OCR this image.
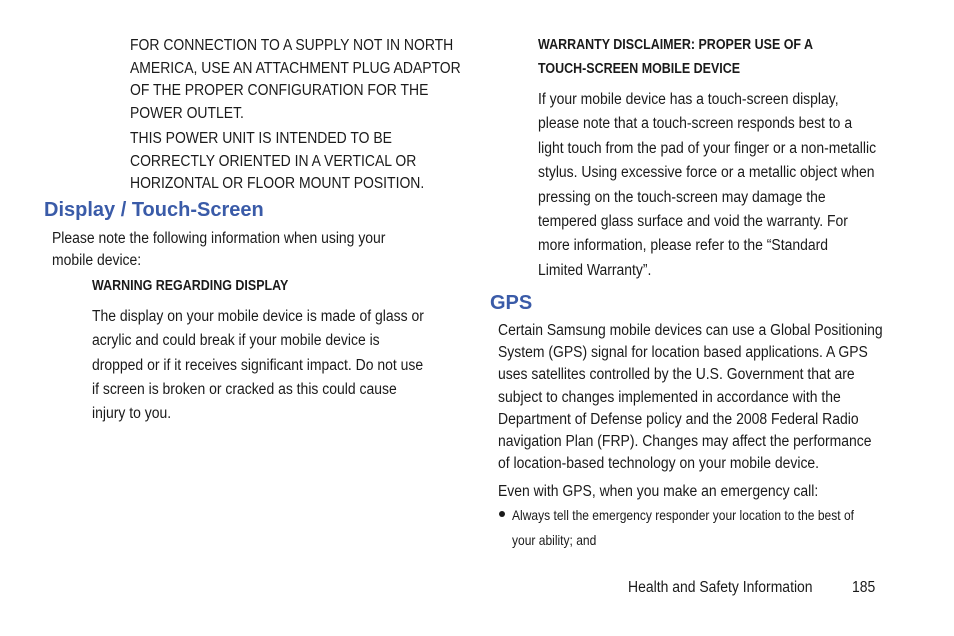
FOR CONNECTION TO A SUPPLY NOT IN NORTH
AMERICA, USE AN ATTACHMENT PLUG ADAPTOR
OF THE PROPER CONFIGURATION FOR THE
POWER OUTLET.
THIS POWER UNIT IS INTENDED TO BE
CORRECTLY ORIENTED IN A VERTICAL OR
HORIZONTAL OR FLOOR MOUNT POSITION.
Display / Touch-Screen
Please note the following information when using your
mobile device:
WARNING REGARDING DISPLAY
The display on your mobile device is made of glass or
acrylic and could break if your mobile device is
dropped or if it receives significant impact. Do not use
if screen is broken or cracked as this could cause
injury to you.
WARRANTY DISCLAIMER: PROPER USE OF A
TOUCH-SCREEN MOBILE DEVICE
If your mobile device has a touch-screen display,
please note that a touch-screen responds best to a
light touch from the pad of your finger or a non-metallic
stylus. Using excessive force or a metallic object when
pressing on the touch-screen may damage the
tempered glass surface and void the warranty. For
more information, please refer to the “Standard
Limited Warranty”.
GPS
Certain Samsung mobile devices can use a Global Positioning
System (GPS) signal for location based applications. A GPS
uses satellites controlled by the U.S. Government that are
subject to changes implemented in accordance with the
Department of Defense policy and the 2008 Federal Radio
navigation Plan (FRP). Changes may affect the performance
of location-based technology on your mobile device.
Even with GPS, when you make an emergency call:
Always tell the emergency responder your location to the best of
your ability; and
Health and Safety Information	185
